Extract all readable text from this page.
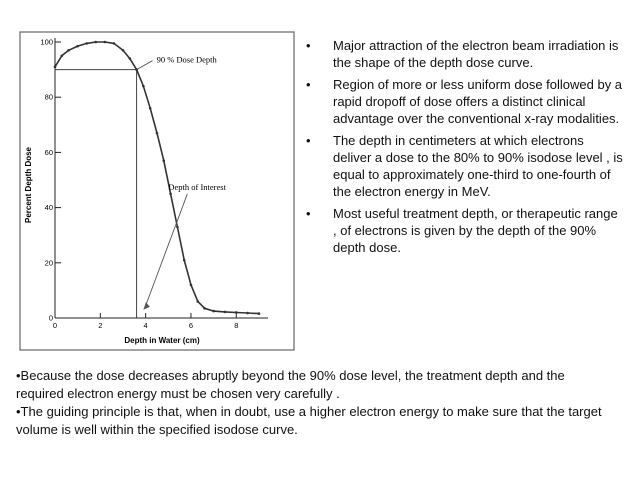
0
20
40
60
80
100
0	2	4	6	8
90 % Dose Depth
Depth of Interest
Percent Depth Dose
Depth in Water (cm)
• Major attraction of the electron beam irradiation is the shape of the depth dose curve.
• Region of more or less uniform dose followed by a rapid dropoff of dose offers a distinct clinical advantage over the conventional x-ray modalities.
• The depth in centimeters at which electrons deliver a dose to the 80% to 90% isodose level , is equal to approximately one-third to one-fourth of the electron energy in MeV.
• Most useful treatment depth, or therapeutic range , of electrons is given by the depth of the 90% depth dose.

•Because the dose decreases abruptly beyond the 90% dose level, the treatment depth and the required electron energy must be chosen very carefully .

•The guiding principle is that, when in doubt, use a higher electron energy to make sure that the target volume is well within the specified isodose curve.
